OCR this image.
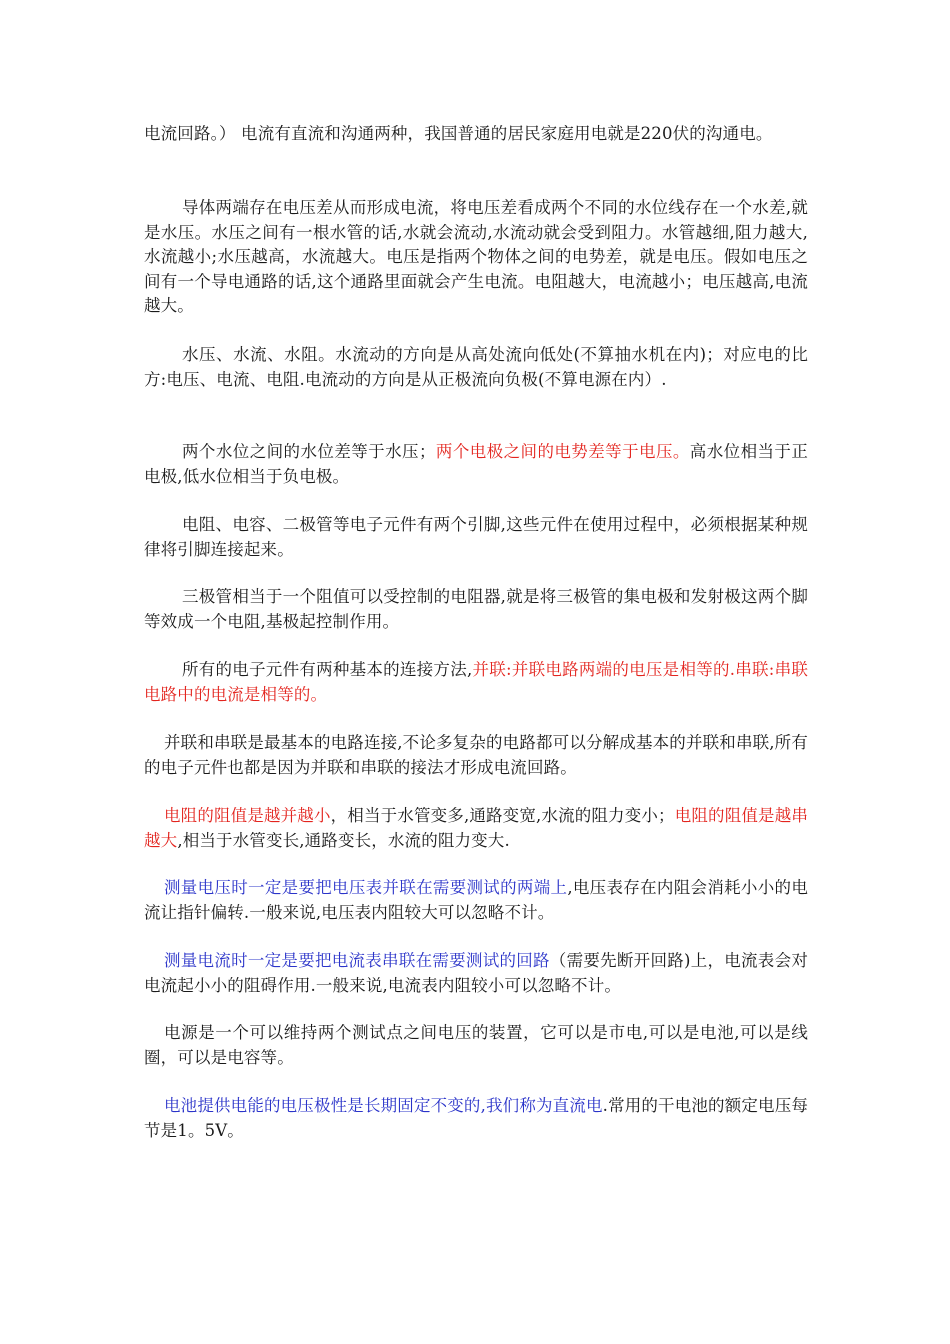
电流回路。） 电流有直流和沟通两种，我国普通的居民家庭用电就是220伏的沟通电。

导体两端存在电压差从而形成电流，将电压差看成两个不同的水位线存在一个水差,就是水压。水压之间有一根水管的话,水就会流动,水流动就会受到阻力。水管越细,阻力越大,水流越小;水压越高，水流越大。电压是指两个物体之间的电势差，就是电压。假如电压之间有一个导电通路的话,这个通路里面就会产生电流。电阻越大，电流越小；电压越高,电流越大。

水压、水流、水阻。水流动的方向是从高处流向低处(不算抽水机在内)；对应电的比方:电压、电流、电阻.电流动的方向是从正极流向负极(不算电源在内）.

两个水位之间的水位差等于水压；两个电极之间的电势差等于电压。高水位相当于正电极,低水位相当于负电极。

电阻、电容、二极管等电子元件有两个引脚,这些元件在使用过程中，必须根据某种规律将引脚连接起来。

三极管相当于一个阻值可以受控制的电阻器,就是将三极管的集电极和发射极这两个脚等效成一个电阻,基极起控制作用。

所有的电子元件有两种基本的连接方法,并联:并联电路两端的电压是相等的.串联:串联电路中的电流是相等的。

并联和串联是最基本的电路连接,不论多复杂的电路都可以分解成基本的并联和串联,所有的电子元件也都是因为并联和串联的接法才形成电流回路。

电阻的阻值是越并越小，相当于水管变多,通路变宽,水流的阻力变小；电阻的阻值是越串越大,相当于水管变长,通路变长，水流的阻力变大.

测量电压时一定是要把电压表并联在需要测试的两端上,电压表存在内阻会消耗小小的电流让指针偏转.一般来说,电压表内阻较大可以忽略不计。

测量电流时一定是要把电流表串联在需要测试的回路（需要先断开回路)上，电流表会对电流起小小的阻碍作用.一般来说,电流表内阻较小可以忽略不计。

电源是一个可以维持两个测试点之间电压的装置，它可以是市电,可以是电池,可以是线圈，可以是电容等。

电池提供电能的电压极性是长期固定不变的,我们称为直流电.常用的干电池的额定电压每节是1。5V。
